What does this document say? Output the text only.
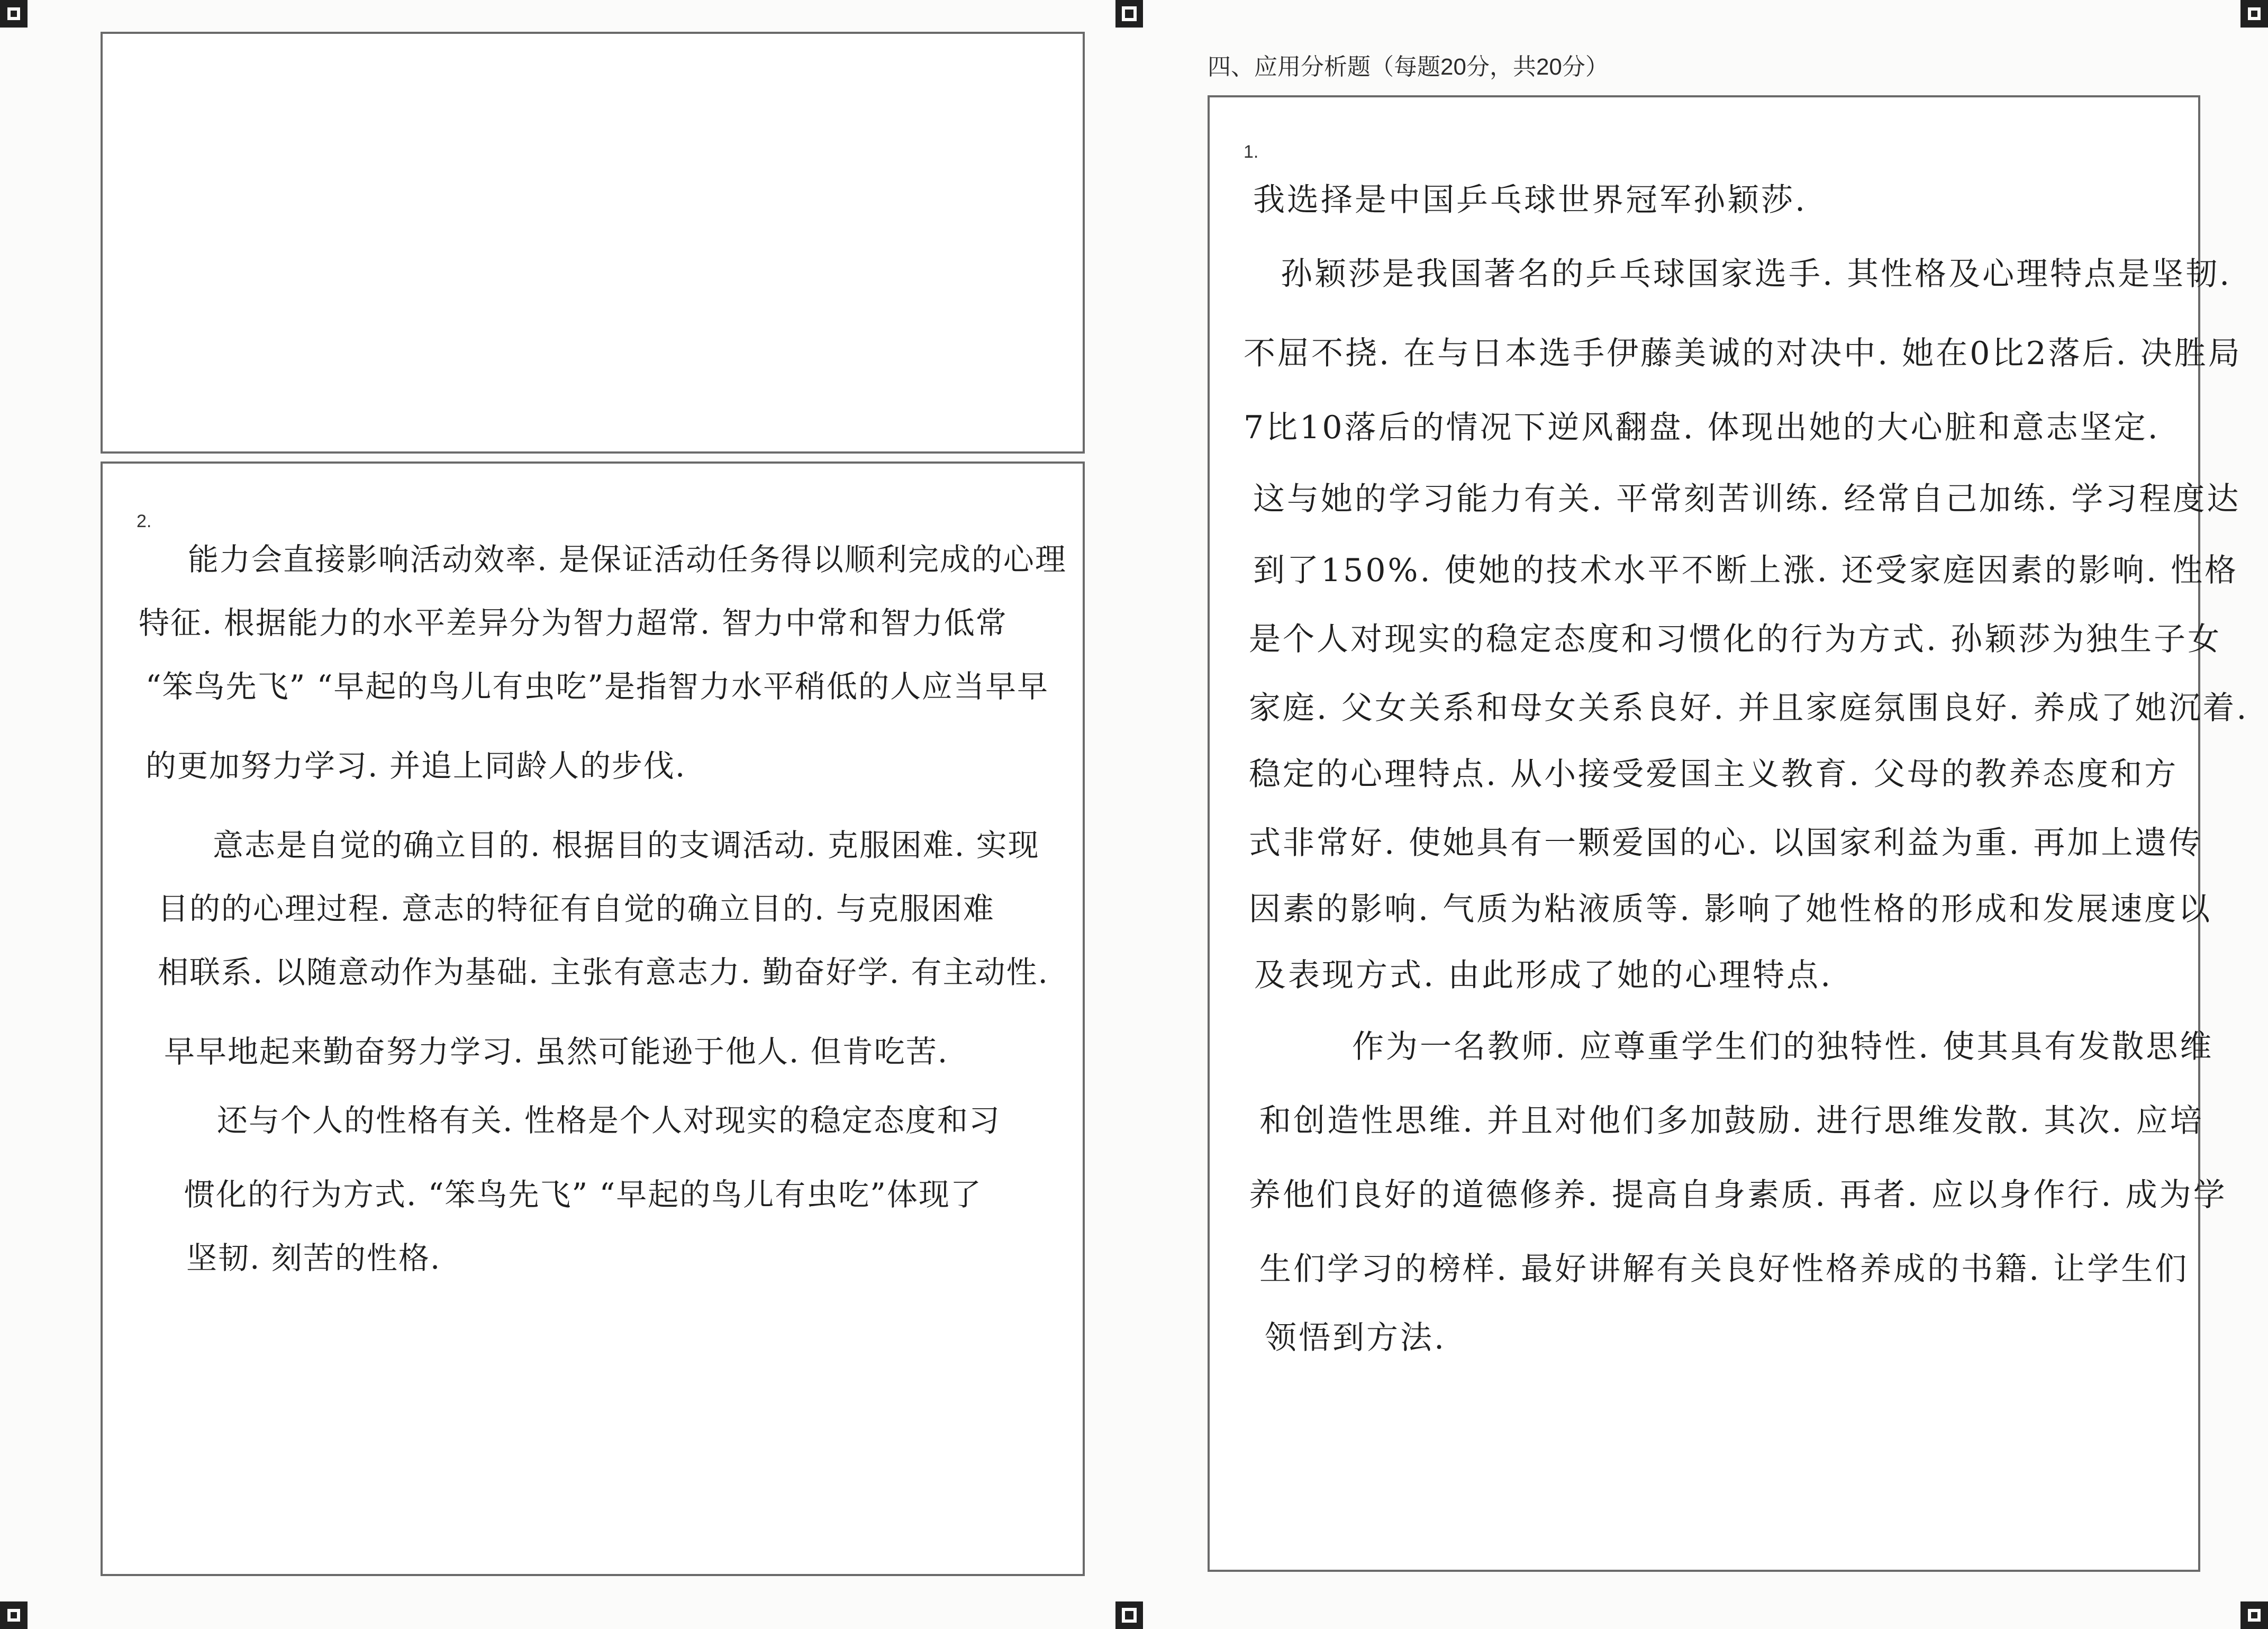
2.
能力会直接影响活动效率. 是保证活动任务得以顺利完成的心理
特征. 根据能力的水平差异分为智力超常. 智力中常和智力低常
“笨鸟先飞” “早起的鸟儿有虫吃”是指智力水平稍低的人应当早早
的更加努力学习. 并追上同龄人的步伐.
意志是自觉的确立目的. 根据目的支调活动. 克服困难. 实现
目的的心理过程. 意志的特征有自觉的确立目的. 与克服困难
相联系. 以随意动作为基础. 主张有意志力. 勤奋好学. 有主动性.
早早地起来勤奋努力学习. 虽然可能逊于他人. 但肯吃苦.
还与个人的性格有关. 性格是个人对现实的稳定态度和习
惯化的行为方式. “笨鸟先飞” “早起的鸟儿有虫吃”体现了
坚韧. 刻苦的性格.
四、应用分析题（每题20分，共20分）
1.
我选择是中国乒乓球世界冠军孙颖莎.
孙颖莎是我国著名的乒乓球国家选手. 其性格及心理特点是坚韧.
不屈不挠. 在与日本选手伊藤美诚的对决中. 她在0比2落后. 决胜局
7比10落后的情况下逆风翻盘. 体现出她的大心脏和意志坚定.
这与她的学习能力有关. 平常刻苦训练. 经常自己加练. 学习程度达
到了150%. 使她的技术水平不断上涨. 还受家庭因素的影响. 性格
是个人对现实的稳定态度和习惯化的行为方式. 孙颖莎为独生子女
家庭. 父女关系和母女关系良好. 并且家庭氛围良好. 养成了她沉着.
稳定的心理特点. 从小接受爱国主义教育. 父母的教养态度和方
式非常好. 使她具有一颗爱国的心. 以国家利益为重. 再加上遗传
因素的影响. 气质为粘液质等. 影响了她性格的形成和发展速度以
及表现方式. 由此形成了她的心理特点.
作为一名教师. 应尊重学生们的独特性. 使其具有发散思维
和创造性思维. 并且对他们多加鼓励. 进行思维发散. 其次. 应培
养他们良好的道德修养. 提高自身素质. 再者. 应以身作行. 成为学
生们学习的榜样. 最好讲解有关良好性格养成的书籍. 让学生们
领悟到方法.
